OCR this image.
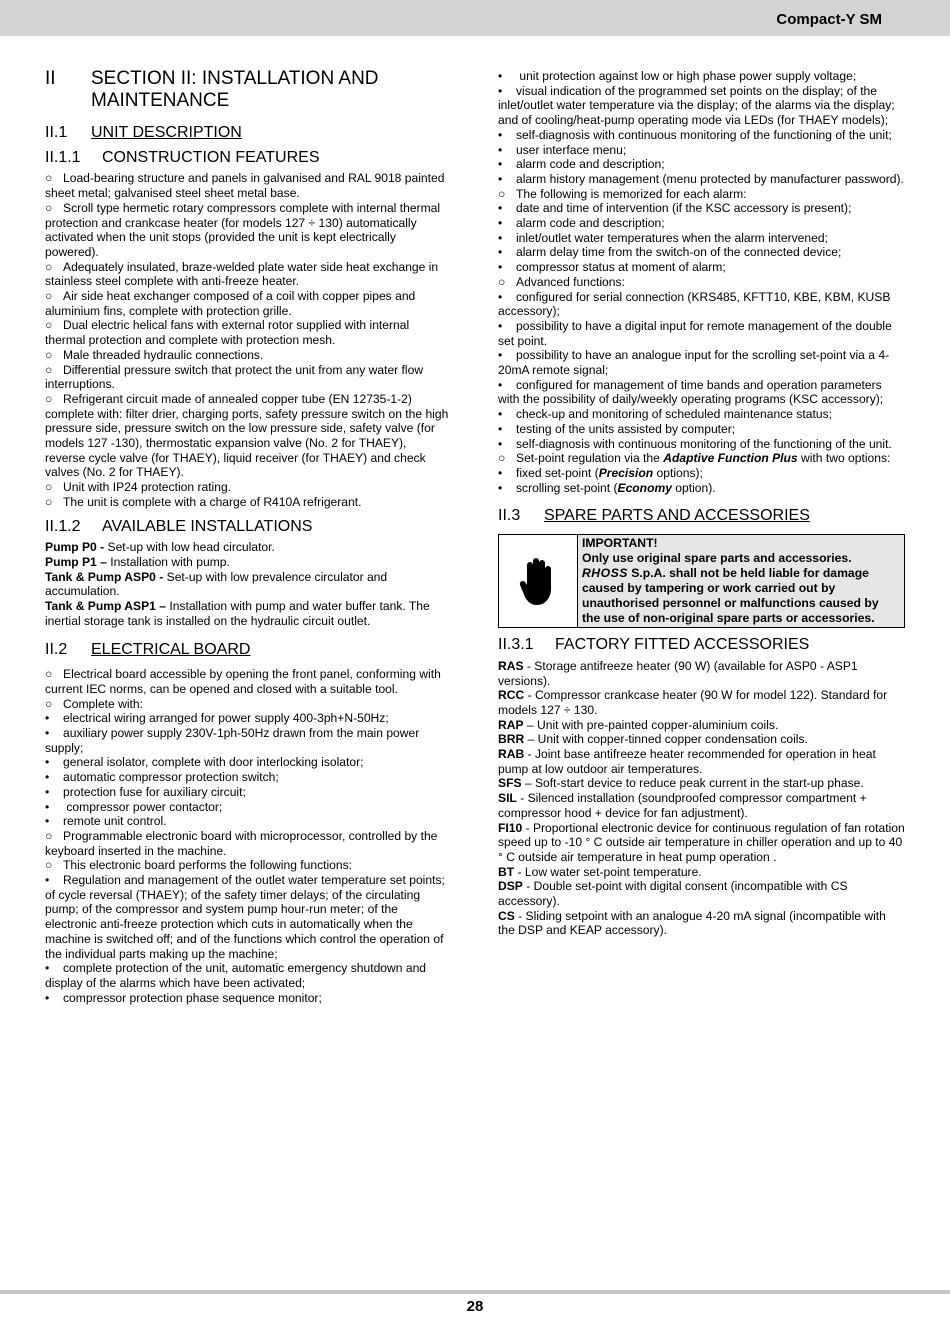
Compact-Y SM
II	SECTION II: INSTALLATION AND MAINTENANCE
II.1	UNIT DESCRIPTION
II.1.1	CONSTRUCTION FEATURES

○ Load-bearing structure and panels in galvanised and RAL 9018 painted sheet metal; galvanised steel sheet metal base.

○ Scroll type hermetic rotary compressors complete with internal thermal protection and crankcase heater (for models 127 ÷ 130) automatically activated when the unit stops (provided the unit is kept electrically powered).

○ Adequately insulated, braze-welded plate water side heat exchange in stainless steel complete with anti-freeze heater.

○ Air side heat exchanger composed of a coil with copper pipes and aluminium fins, complete with protection grille.

○ Dual electric helical fans with external rotor supplied with internal thermal protection and complete with protection mesh.

○ Male threaded hydraulic connections.

○ Differential pressure switch that protect the unit from any water flow interruptions.

○ Refrigerant circuit made of annealed copper tube (EN 12735-1-2) complete with: filter drier, charging ports, safety pressure switch on the high pressure side, pressure switch on the low pressure side, safety valve (for models 127 -130), thermostatic expansion valve (No. 2 for THAEY), reverse cycle valve (for THAEY), liquid receiver (for THAEY) and check valves (No. 2 for THAEY).

○ Unit with IP24 protection rating.

○ The unit is complete with a charge of R410A refrigerant.

II.1.2	AVAILABLE INSTALLATIONS

Pump P0 - Set-up with low head circulator.

Pump P1 – Installation with pump.

Tank & Pump ASP0 - Set-up with low prevalence circulator and accumulation.

Tank & Pump ASP1 – Installation with pump and water buffer tank. The inertial storage tank is installed on the hydraulic circuit outlet.

II.2	ELECTRICAL BOARD

○ Electrical board accessible by opening the front panel, conforming with current IEC norms, can be opened and closed with a suitable tool.

○ Complete with:

• electrical wiring arranged for power supply 400-3ph+N-50Hz;

• auxiliary power supply 230V-1ph-50Hz drawn from the main power supply;

• general isolator, complete with door interlocking isolator;

• automatic compressor protection switch;

• protection fuse for auxiliary circuit;

• compressor power contactor;

• remote unit control.

○ Programmable electronic board with microprocessor, controlled by the keyboard inserted in the machine.

○ This electronic board performs the following functions:

• Regulation and management of the outlet water temperature set points; of cycle reversal (THAEY); of the safety timer delays; of the circulating pump; of the compressor and system pump hour-run meter; of the electronic anti-freeze protection which cuts in automatically when the machine is switched off; and of the functions which control the operation of the individual parts making up the machine;

• complete protection of the unit, automatic emergency shutdown and display of the alarms which have been activated;

• compressor protection phase sequence monitor;

• unit protection against low or high phase power supply voltage;

• visual indication of the programmed set points on the display; of the inlet/outlet water temperature via the display; of the alarms via the display; and of cooling/heat-pump operating mode via LEDs (for THAEY models);

• self-diagnosis with continuous monitoring of the functioning of the unit;

• user interface menu;

• alarm code and description;

• alarm history management (menu protected by manufacturer password).

○ The following is memorized for each alarm:

• date and time of intervention (if the KSC accessory is present);

• alarm code and description;

• inlet/outlet water temperatures when the alarm intervened;

• alarm delay time from the switch-on of the connected device;

• compressor status at moment of alarm;

○ Advanced functions:

• configured for serial connection (KRS485, KFTT10, KBE, KBM, KUSB accessory);

• possibility to have a digital input for remote management of the double set point.

• possibility to have an analogue input for the scrolling set-point via a 4-20mA remote signal;

• configured for management of time bands and operation parameters with the possibility of daily/weekly operating programs (KSC accessory);

• check-up and monitoring of scheduled maintenance status;

• testing of the units assisted by computer;

• self-diagnosis with continuous monitoring of the functioning of the unit.

○ Set-point regulation via the Adaptive Function Plus with two options:

• fixed set-point (Precision options);

• scrolling set-point (Economy option).

II.3	SPARE PARTS AND ACCESSORIES
IMPORTANT!
Only use original spare parts and accessories.
RHOSS S.p.A. shall not be held liable for damage caused by tampering or work carried out by unauthorised personnel or malfunctions caused by the use of non-original spare parts or accessories.
II.3.1	FACTORY FITTED ACCESSORIES

RAS - Storage antifreeze heater (90 W) (available for ASP0 - ASP1 versions).

RCC - Compressor crankcase heater (90 W for model 122). Standard for models 127 ÷ 130.

RAP – Unit with pre-painted copper-aluminium coils.

BRR – Unit with copper-tinned copper condensation coils.

RAB - Joint base antifreeze heater recommended for operation in heat pump at low outdoor air temperatures.

SFS – Soft-start device to reduce peak current in the start-up phase.

SIL - Silenced installation (soundproofed compressor compartment + compressor hood + device for fan adjustment).

FI10 - Proportional electronic device for continuous regulation of fan rotation speed up to -10 ° C outside air temperature in chiller operation and up to 40 ° C outside air temperature in heat pump operation .

BT - Low water set-point temperature.

DSP - Double set-point with digital consent (incompatible with CS accessory).

CS - Sliding setpoint with an analogue 4-20 mA signal (incompatible with the DSP and KEAP accessory).

28
